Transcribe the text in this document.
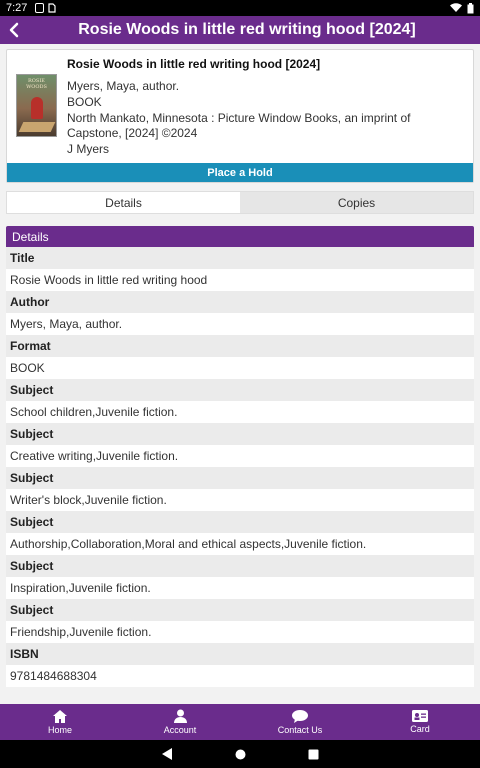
7:27
Rosie Woods in little red writing hood [2024]
ROSIE WOODS
Rosie Woods in little red writing hood [2024]
Myers, Maya, author.
BOOK
North Mankato, Minnesota : Picture Window Books, an imprint of Capstone, [2024] ©2024
J Myers
Place a Hold
Details	Copies
Details
Title
Rosie Woods in little red writing hood
Author
Myers, Maya, author.
Format
BOOK
Subject
School children,Juvenile fiction.
Subject
Creative writing,Juvenile fiction.
Subject
Writer's block,Juvenile fiction.
Subject
Authorship,Collaboration,Moral and ethical aspects,Juvenile fiction.
Subject
Inspiration,Juvenile fiction.
Subject
Friendship,Juvenile fiction.
ISBN
9781484688304
Home	Account	Contact Us	Card
